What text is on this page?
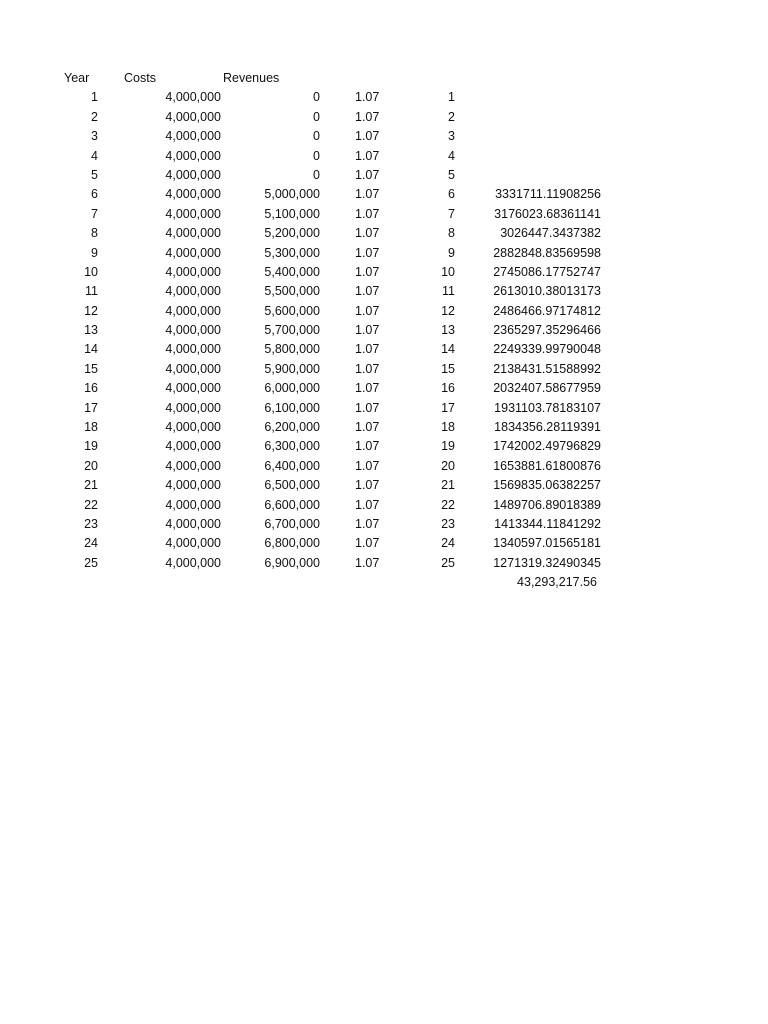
Year	Costs	Revenues
1	4,000,000	0	1.07	1
2	4,000,000	0	1.07	2
3	4,000,000	0	1.07	3
4	4,000,000	0	1.07	4
5	4,000,000	0	1.07	5
6	4,000,000	5,000,000	1.07	6	3331711.11908256
7	4,000,000	5,100,000	1.07	7	3176023.68361141
8	4,000,000	5,200,000	1.07	8	3026447.3437382
9	4,000,000	5,300,000	1.07	9	2882848.83569598
10	4,000,000	5,400,000	1.07	10	2745086.17752747
11	4,000,000	5,500,000	1.07	11	2613010.38013173
12	4,000,000	5,600,000	1.07	12	2486466.97174812
13	4,000,000	5,700,000	1.07	13	2365297.35296466
14	4,000,000	5,800,000	1.07	14	2249339.99790048
15	4,000,000	5,900,000	1.07	15	2138431.51588992
16	4,000,000	6,000,000	1.07	16	2032407.58677959
17	4,000,000	6,100,000	1.07	17	1931103.78183107
18	4,000,000	6,200,000	1.07	18	1834356.28119391
19	4,000,000	6,300,000	1.07	19	1742002.49796829
20	4,000,000	6,400,000	1.07	20	1653881.61800876
21	4,000,000	6,500,000	1.07	21	1569835.06382257
22	4,000,000	6,600,000	1.07	22	1489706.89018389
23	4,000,000	6,700,000	1.07	23	1413344.11841292
24	4,000,000	6,800,000	1.07	24	1340597.01565181
25	4,000,000	6,900,000	1.07	25	1271319.32490345
43,293,217.56
